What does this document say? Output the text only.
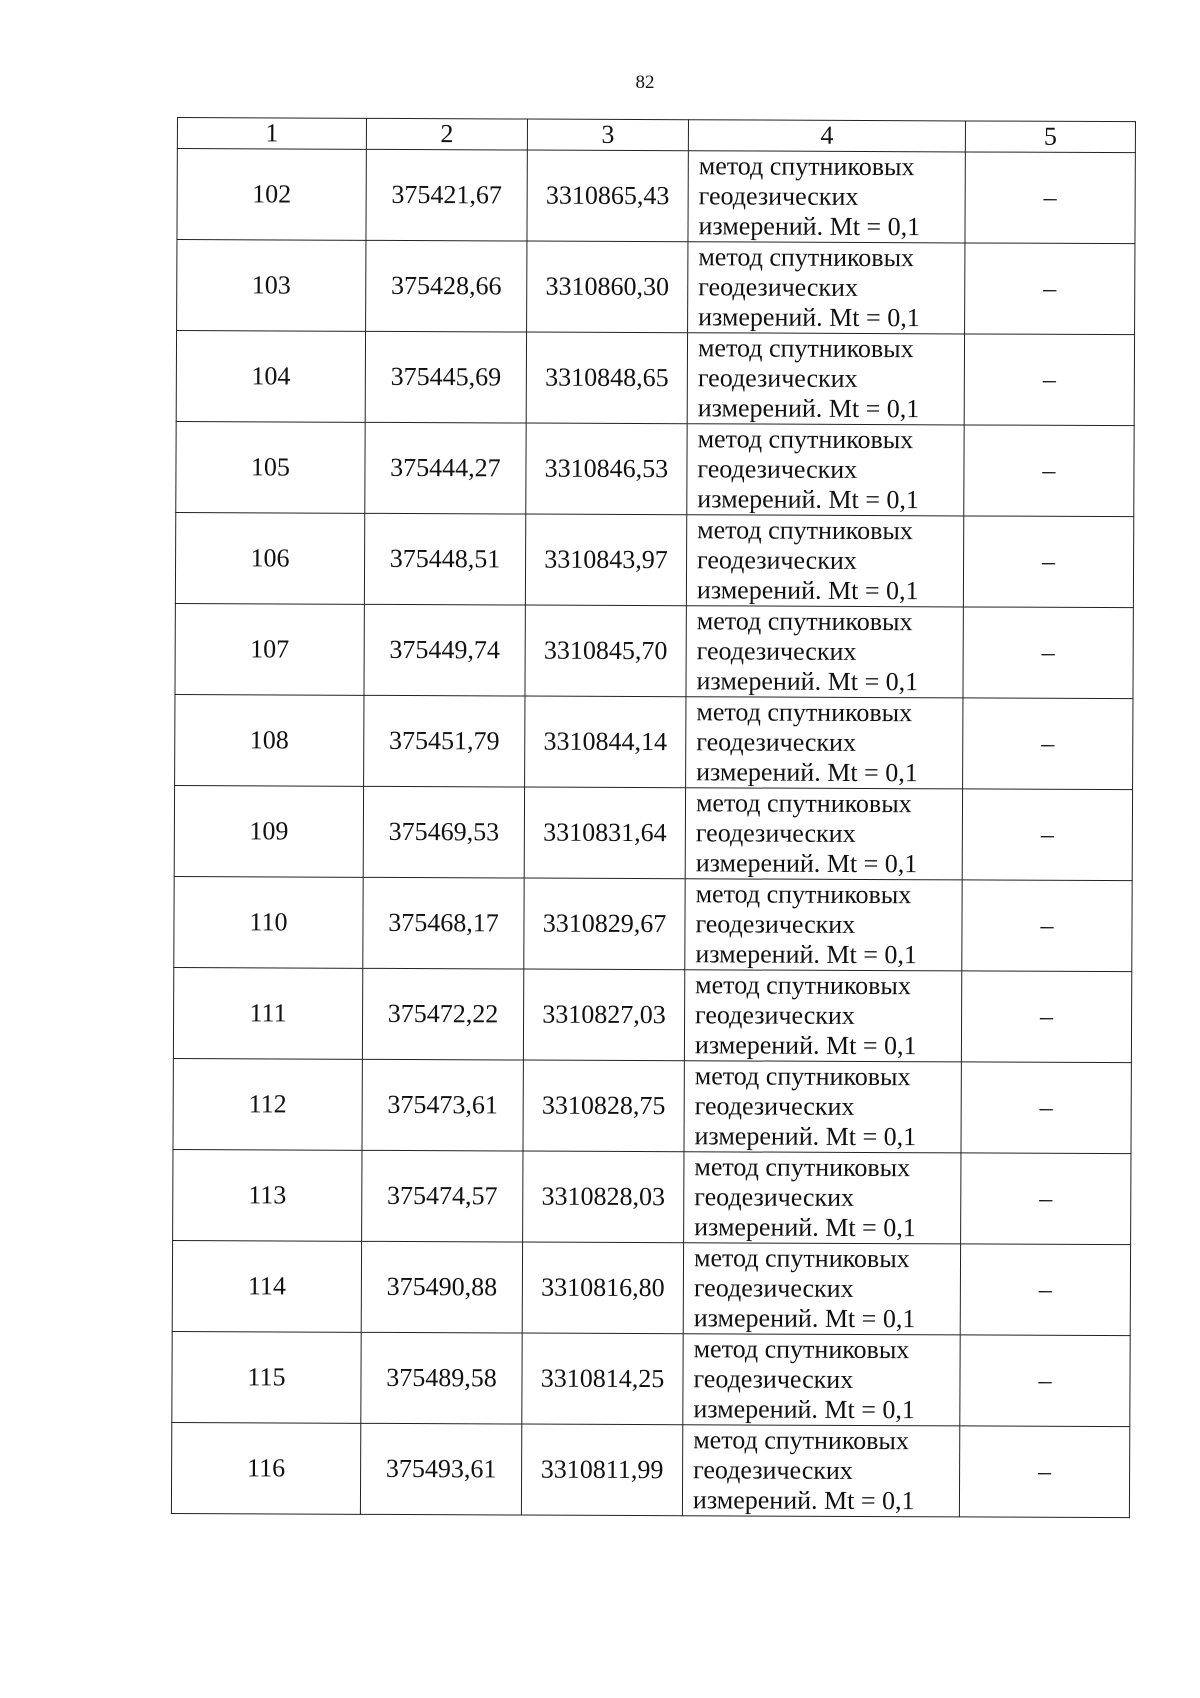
82
1	2	3	4	5
102	375421,67	3310865,43	метод спутниковых
геодезических
измерений. Mt = 0,1	–
103	375428,66	3310860,30	метод спутниковых
геодезических
измерений. Mt = 0,1	–
104	375445,69	3310848,65	метод спутниковых
геодезических
измерений. Mt = 0,1	–
105	375444,27	3310846,53	метод спутниковых
геодезических
измерений. Mt = 0,1	–
106	375448,51	3310843,97	метод спутниковых
геодезических
измерений. Mt = 0,1	–
107	375449,74	3310845,70	метод спутниковых
геодезических
измерений. Mt = 0,1	–
108	375451,79	3310844,14	метод спутниковых
геодезических
измерений. Mt = 0,1	–
109	375469,53	3310831,64	метод спутниковых
геодезических
измерений. Mt = 0,1	–
110	375468,17	3310829,67	метод спутниковых
геодезических
измерений. Mt = 0,1	–
111	375472,22	3310827,03	метод спутниковых
геодезических
измерений. Mt = 0,1	–
112	375473,61	3310828,75	метод спутниковых
геодезических
измерений. Mt = 0,1	–
113	375474,57	3310828,03	метод спутниковых
геодезических
измерений. Mt = 0,1	–
114	375490,88	3310816,80	метод спутниковых
геодезических
измерений. Mt = 0,1	–
115	375489,58	3310814,25	метод спутниковых
геодезических
измерений. Mt = 0,1	–
116	375493,61	3310811,99	метод спутниковых
геодезических
измерений. Mt = 0,1	–
